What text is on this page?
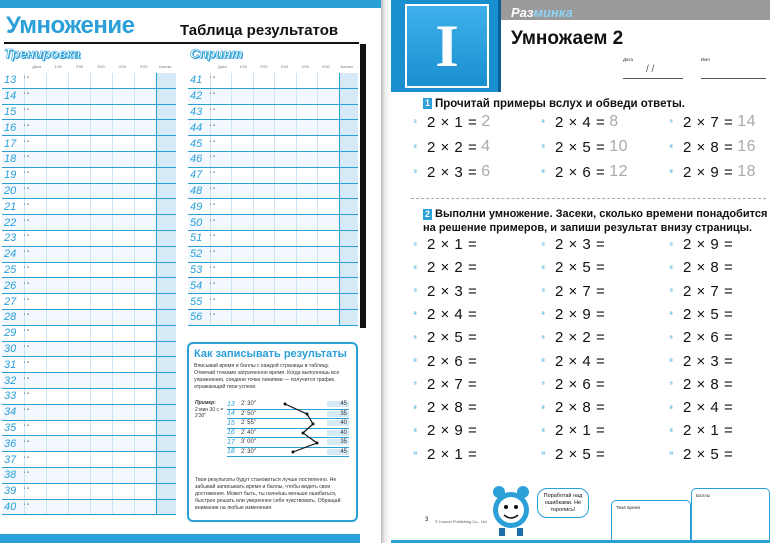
Умножение	Таблица результатов
Тренировка
Дата	1'00	2'00	3'00	4'00	5'00	Баллы
13	' "
14	' "
15	' "
16	' "
17	' "
18	' "
19	' "
20	' "
21	' "
22	' "
23	' "
24	' "
25	' "
26	' "
27	' "
28	' "
29	' "
30	' "
31	' "
32	' "
33	' "
34	' "
35	' "
36	' "
37	' "
38	' "
39	' "
40	' "
Спринт
Дата	1'00	2'00	3'00	4'00	5'00	Баллы
41	' "
42	' "
43	' "
44	' "
45	' "
46	' "
47	' "
48	' "
49	' "
50	' "
51	' "
52	' "
53	' "
54	' "
55	' "
56	' "
Как записывать результаты

Впиcывай время и баллы с каждой страницы в таблицу. Отмечай точками затраченное время. Когда выполнишь все упражнения, соедини точки линиями — получится график, отражающий твои успехи.

Пример:
2 мин 30 с = 2'30"
13	2' 30"	45
14	2' 50"	35
15	2' 55"	40
16	2' 40"	40
17	3' 00"	35
18	2' 30"	45

Твои результаты будут становиться лучше постепенно. Не забывай записывать время и баллы, чтобы видеть свои достижения. Может быть, ты начнёшь меньше ошибаться, быстрее решать или увереннее себя чувствовать. Обращай внимание на любые изменения.

I	Разминка
Умножаем 2
Дата	Имя
/ /
1 Прочитай примеры вслух и обведи ответы.
① 2 × 1 = 2
② 2 × 2 = 4
③ 2 × 3 = 6
④ 2 × 4 = 8
⑤ 2 × 5 = 10
⑥ 2 × 6 = 12
⑦ 2 × 7 = 14
⑧ 2 × 8 = 16
⑨ 2 × 9 = 18
2 Выполни умножение. Засеки, сколько времени понадобится на решение примеров, и запиши результат внизу страницы.
① 2 × 1 =
② 2 × 2 =
③ 2 × 3 =
④ 2 × 4 =
⑤ 2 × 5 =
⑥ 2 × 6 =
⑦ 2 × 7 =
⑧ 2 × 8 =
⑨ 2 × 9 =
⑩ 2 × 1 =
① 2 × 3 =
② 2 × 5 =
③ 2 × 7 =
④ 2 × 9 =
⑤ 2 × 2 =
⑥ 2 × 4 =
⑦ 2 × 6 =
⑧ 2 × 8 =
⑨ 2 × 1 =
⑩ 2 × 5 =
① 2 × 9 =
② 2 × 8 =
③ 2 × 7 =
④ 2 × 5 =
⑤ 2 × 6 =
⑥ 2 × 3 =
⑦ 2 × 8 =
⑧ 2 × 4 =
⑨ 2 × 1 =
⑩ 2 × 5 =
Поработай над ошибками. Не торопись!	Твоё время
Баллы
3 © Kumon Publishing Co., Ltd.
